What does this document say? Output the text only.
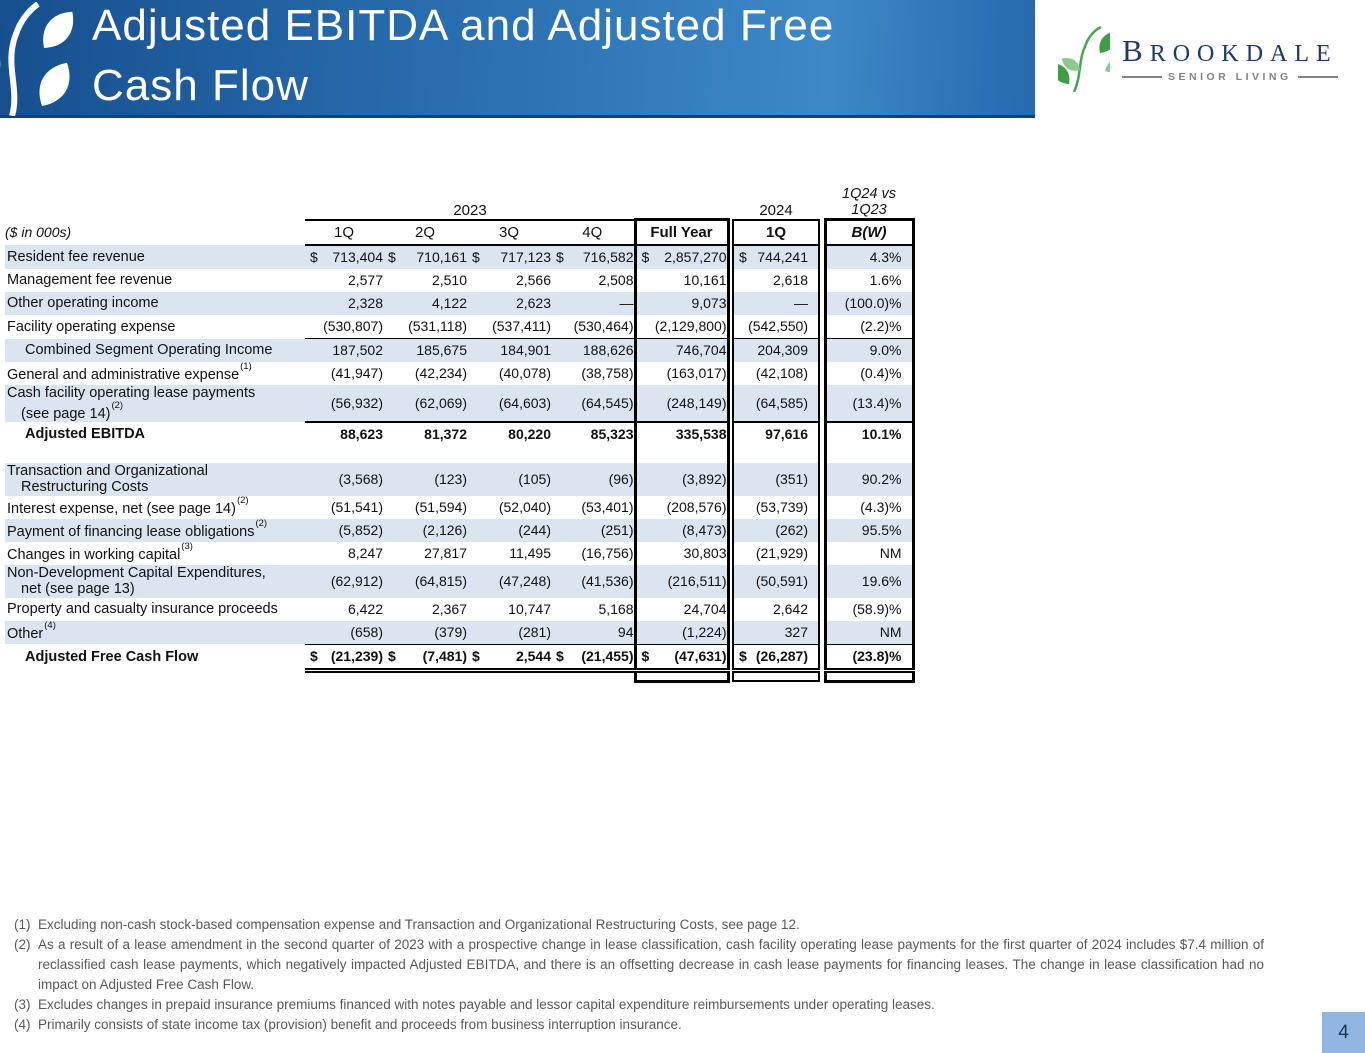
Adjusted EBITDA and Adjusted Free
Cash Flow
BROOKDALE
SENIOR LIVING
	2023						2024		1Q24 vs
1Q23
($ in 000s)	1Q	2Q	3Q	4Q	Full Year		1Q		B(W)

Resident fee revenue	$ 713,404	$ 710,161	$ 717,123	$ 716,582	$ 2,857,270		$ 744,241		4.3%

Management fee revenue	2,577	2,510	2,566	2,508	10,161		2,618		1.6%

Other operating income	2,328	4,122	2,623	—	9,073		—		(100.0)%

Facility operating expense	(530,807)	(531,118)	(537,411)	(530,464)	(2,129,800)		(542,550)		(2.2)%

Combined Segment Operating Income	187,502	185,675	184,901	188,626	746,704		204,309		9.0%

General and administrative expense$^{(1)}$	(41,947)	(42,234)	(40,078)	(38,758)	(163,017)		(42,108)		(0.4)%

Cash facility operating lease payments
(see page 14)$^{(2)}$	(56,932)	(62,069)	(64,603)	(64,545)	(248,149)		(64,585)		(13.4)%

Adjusted EBITDA	88,623	81,372	80,220	85,323	335,538		97,616		10.1%

Transaction and Organizational
Restructuring Costs	(3,568)	(123)	(105)	(96)	(3,892)		(351)		90.2%

Interest expense, net (see page 14)$^{(2)}$	(51,541)	(51,594)	(52,040)	(53,401)	(208,576)		(53,739)		(4.3)%

Payment of financing lease obligations$^{(2)}$	(5,852)	(2,126)	(244)	(251)	(8,473)		(262)		95.5%

Changes in working capital$^{(3)}$	8,247	27,817	11,495	(16,756)	30,803		(21,929)		NM

Non-Development Capital Expenditures,
net (see page 13)	(62,912)	(64,815)	(47,248)	(41,536)	(216,511)		(50,591)		19.6%

Property and casualty insurance proceeds	6,422	2,367	10,747	5,168	24,704		2,642		(58.9)%

Other$^{(4)}$	(658)	(379)	(281)	94	(1,224)		327		NM

Adjusted Free Cash Flow	$ (21,239)	$ (7,481)	$ 2,544	$ (21,455)	$ (47,631)		$ (26,287)		(23.8)%

(1) Excluding non-cash stock-based compensation expense and Transaction and Organizational Restructuring Costs, see page 12.
(2) As a result of a lease amendment in the second quarter of 2023 with a prospective change in lease classification, cash facility operating lease payments for the first quarter of 2024 includes $7.4 million of reclassified cash lease payments, which negatively impacted Adjusted EBITDA, and there is an offsetting decrease in cash lease payments for financing leases. The change in lease classification had no impact on Adjusted Free Cash Flow.
(3) Excludes changes in prepaid insurance premiums financed with notes payable and lessor capital expenditure reimbursements under operating leases.
(4) Primarily consists of state income tax (provision) benefit and proceeds from business interruption insurance.	4
